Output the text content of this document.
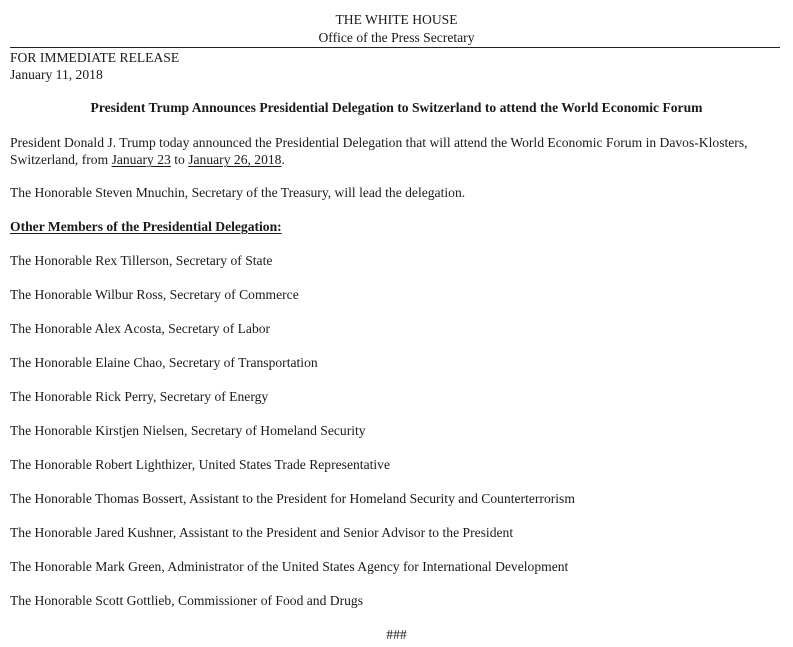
THE WHITE HOUSE
Office of the Press Secretary
FOR IMMEDIATE RELEASE
January 11, 2018
President Trump Announces Presidential Delegation to Switzerland to attend the World Economic Forum
President Donald J. Trump today announced the Presidential Delegation that will attend the World Economic Forum in Davos-Klosters,
Switzerland, from January 23 to January 26, 2018.
The Honorable Steven Mnuchin, Secretary of the Treasury, will lead the delegation.
Other Members of the Presidential Delegation:
The Honorable Rex Tillerson, Secretary of State
The Honorable Wilbur Ross, Secretary of Commerce
The Honorable Alex Acosta, Secretary of Labor
The Honorable Elaine Chao, Secretary of Transportation
The Honorable Rick Perry, Secretary of Energy
The Honorable Kirstjen Nielsen, Secretary of Homeland Security
The Honorable Robert Lighthizer, United States Trade Representative
The Honorable Thomas Bossert, Assistant to the President for Homeland Security and Counterterrorism
The Honorable Jared Kushner, Assistant to the President and Senior Advisor to the President
The Honorable Mark Green, Administrator of the United States Agency for International Development
The Honorable Scott Gottlieb, Commissioner of Food and Drugs
###
